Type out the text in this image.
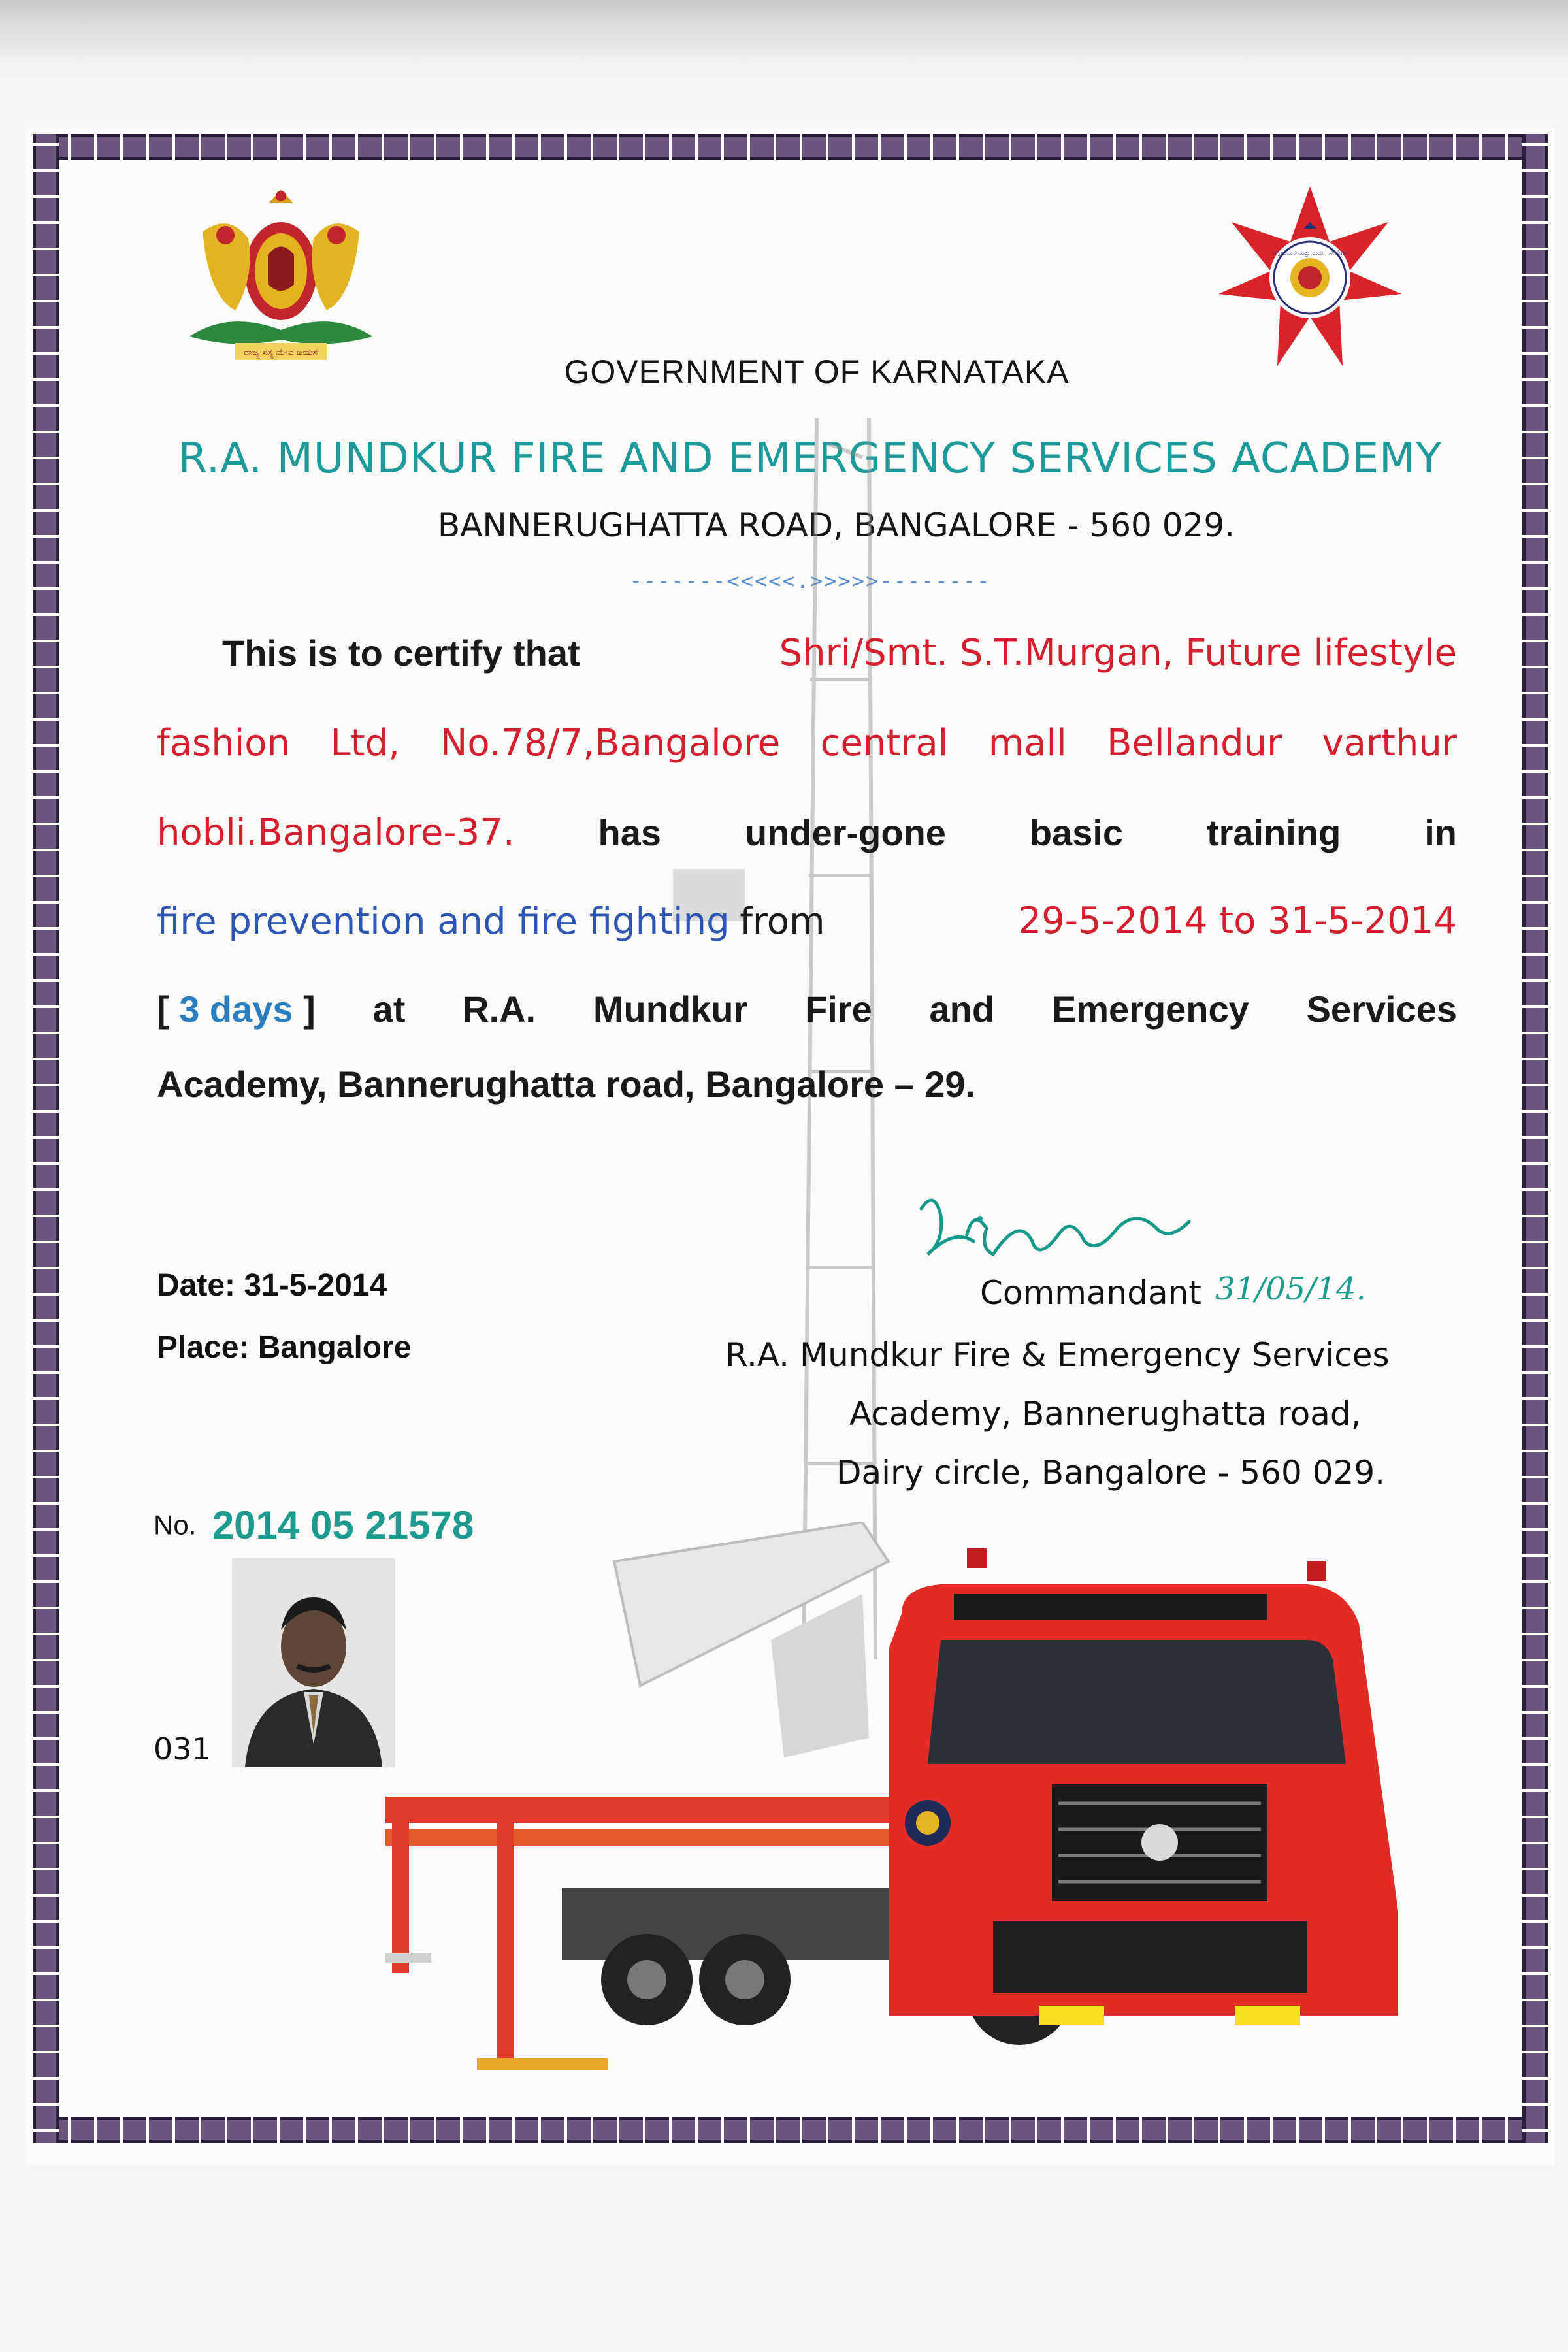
ರಾಜ್ಯ ಸತ್ಯ ಮೇವ ಜಯತೆ
ಅಗ್ನಿಶಾಮಕ ಮತ್ತು ತುರ್ತು ಸೇವೆಗಳು
GOVERNMENT OF KARNATAKA
R.A. MUNDKUR FIRE AND EMERGENCY SERVICES ACADEMY
BANNERUGHATTA ROAD, BANGALORE - 560 029.
-------<<<<<.>>>>>--------
This is to certify that	Shri/Smt. S.T.Murgan, Future lifestyle
fashion Ltd, No.78/7,Bangalore central mall Bellandur varthur
hobli.Bangalore-37. has under-gone basic training in
fire prevention and fire fighting from	29-5-2014 to 31-5-2014
[ 3 days ] at R.A. Mundkur Fire and Emergency Services
Academy, Bannerughatta road, Bangalore – 29.
Date: 31-5-2014
Place: Bangalore
31/05/14.
Commandant
R.A. Mundkur Fire & Emergency Services
Academy, Bannerughatta road,
Dairy circle, Bangalore - 560 029.
No. 2014 05 21578
031
